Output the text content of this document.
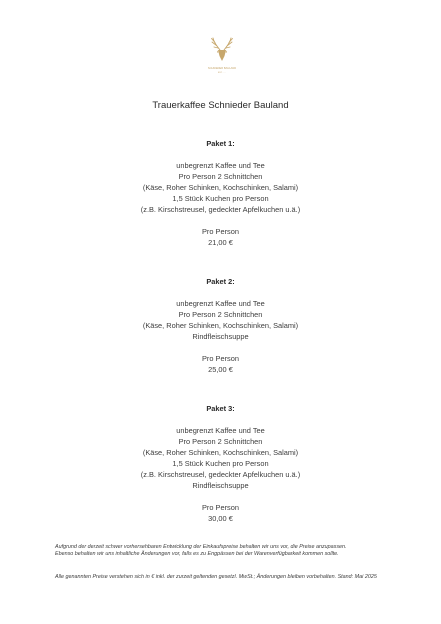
SCHNIEDER BAULAND
EST. · · ·
Trauerkaffee Schnieder Bauland
Paket 1:
unbegrenzt Kaffee und Tee
Pro Person 2 Schnittchen
(Käse, Roher Schinken, Kochschinken, Salami)
1,5 Stück Kuchen pro Person
(z.B. Kirschstreusel, gedeckter Apfelkuchen u.ä.)
Pro Person
21,00 €
Paket 2:
unbegrenzt Kaffee und Tee
Pro Person 2 Schnittchen
(Käse, Roher Schinken, Kochschinken, Salami)
Rindfleischsuppe
Pro Person
25,00 €
Paket 3:
unbegrenzt Kaffee und Tee
Pro Person 2 Schnittchen
(Käse, Roher Schinken, Kochschinken, Salami)
1,5 Stück Kuchen pro Person
(z.B. Kirschstreusel, gedeckter Apfelkuchen u.ä.)
Rindfleischsuppe
Pro Person
30,00 €
Aufgrund der derzeit schwer vorhersehbaren Entwicklung der Einkaufspreise behalten wir uns vor, die Preise anzupassen.
Ebenso behalten wir uns inhaltliche Änderungen vor, falls es zu Engpässen bei der Warenverfügbarkeit kommen sollte.
Alle genannten Preise verstehen sich in € inkl. der zurzeit geltenden gesetzl. MwSt.; Änderungen bleiben vorbehalten. Stand: Mai 2025
